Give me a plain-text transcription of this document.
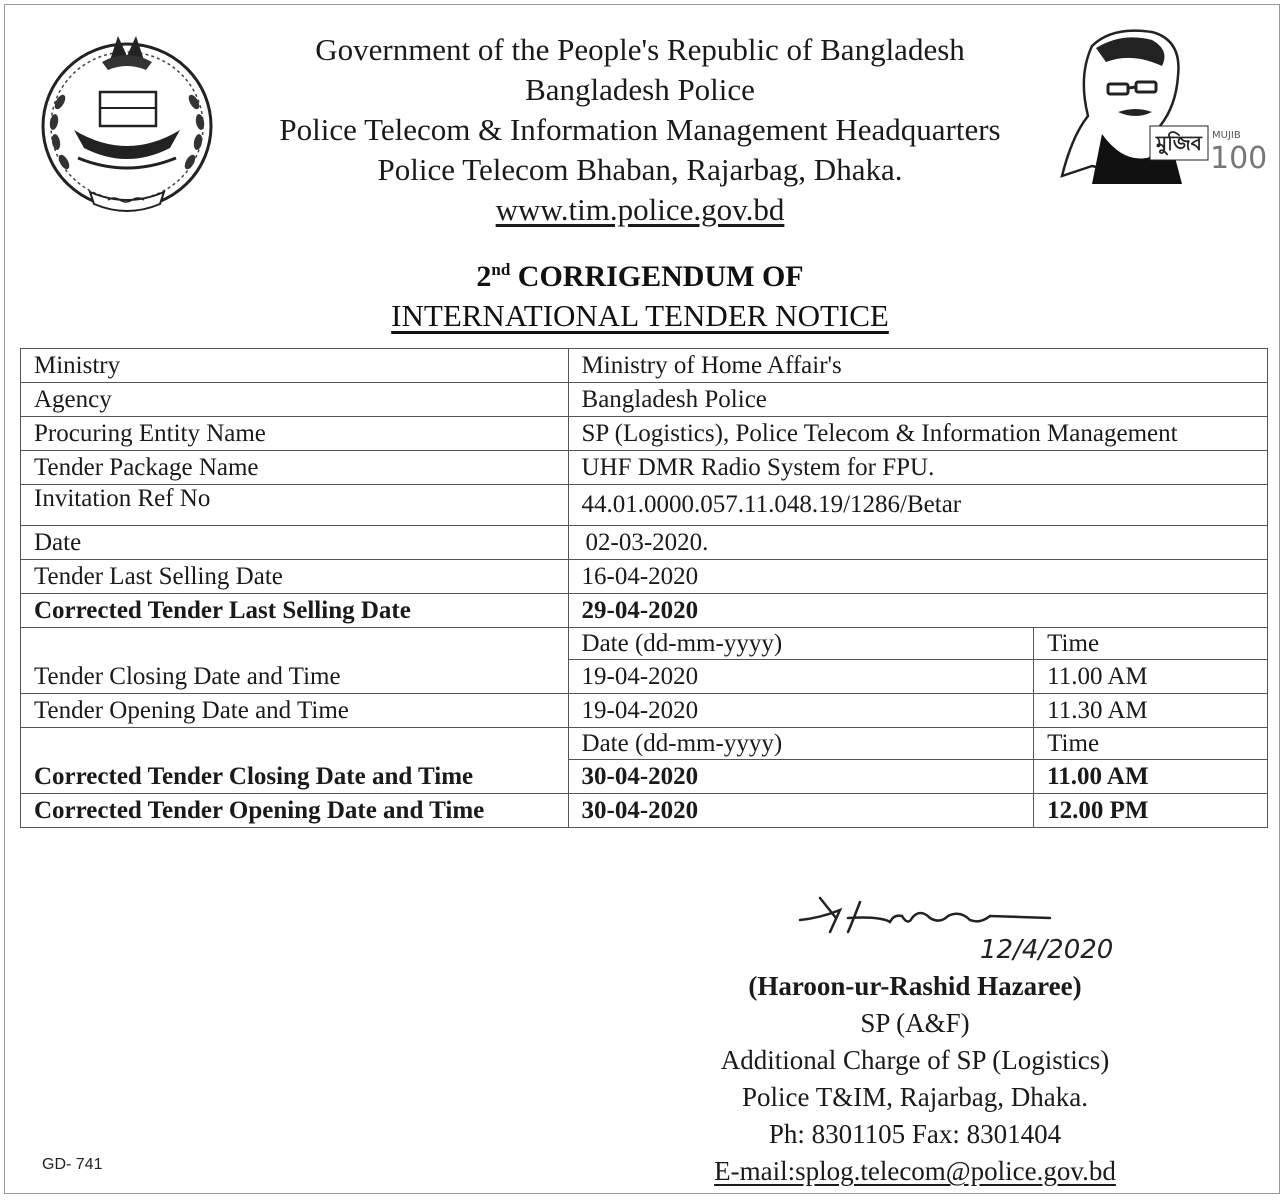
Government of the People's Republic of Bangladesh
Bangladesh Police
Police Telecom & Information Management Headquarters
Police Telecom Bhaban, Rajarbag, Dhaka.
www.tim.police.gov.bd
মুজিব MUJIB
100
2nd CORRIGENDUM OF
INTERNATIONAL TENDER NOTICE
Ministry	Ministry of Home Affair's	
Agency	Bangladesh Police	
Procuring Entity Name	SP (Logistics), Police Telecom & Information Management	
Tender Package Name	UHF DMR Radio System for FPU.	
Invitation Ref No	44.01.0000.057.11.048.19/1286/Betar	
Date	02-03-2020.	
Tender Last Selling Date	16-04-2020	
Corrected Tender Last Selling Date	29-04-2020	
Tender Closing Date and Time	Date (dd-mm-yyyy)	Time
	19-04-2020	11.00 AM
Tender Opening Date and Time	19-04-2020	11.30 AM
Corrected Tender Closing Date and Time	Date (dd-mm-yyyy)	Time
	30-04-2020	11.00 AM
Corrected Tender Opening Date and Time	30-04-2020	12.00 PM
12/4/2020
(Haroon-ur-Rashid Hazaree)
SP (A&F)
Additional Charge of SP (Logistics)
Police T&IM, Rajarbag, Dhaka.
Ph: 8301105 Fax: 8301404
E-mail:splog.telecom@police.gov.bd
GD- 741
